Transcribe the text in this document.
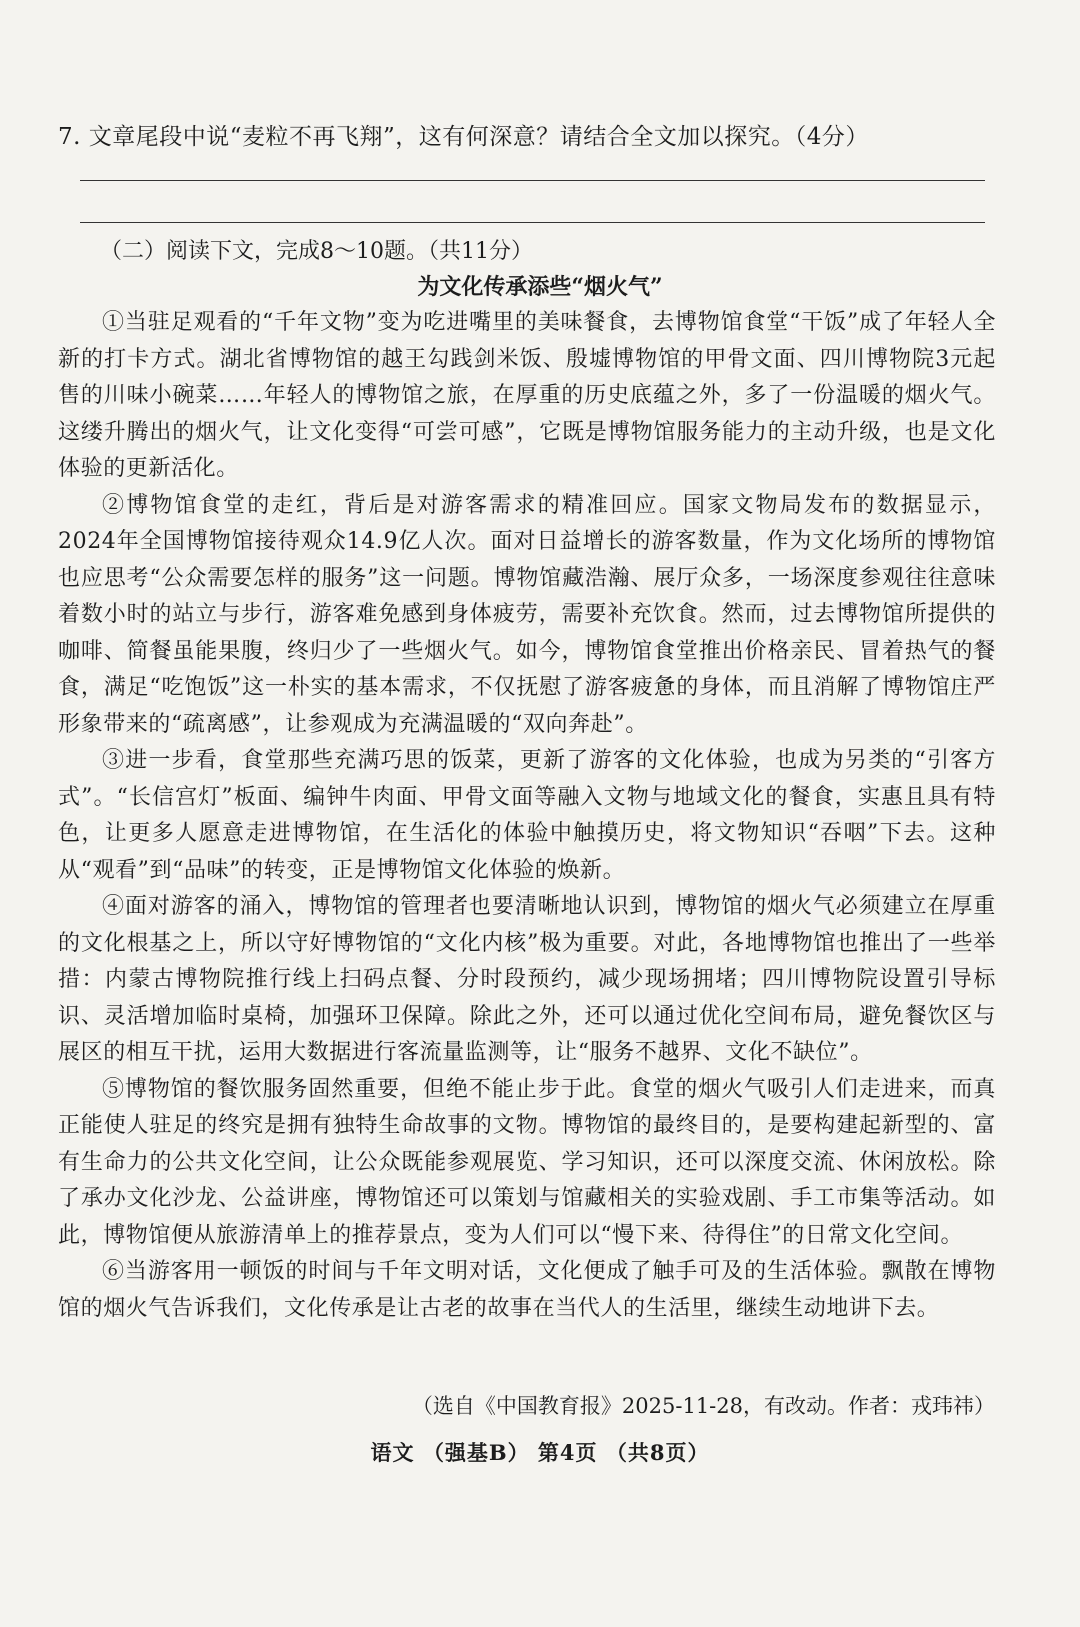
7. 文章尾段中说“麦粒不再飞翔”，这有何深意？请结合全文加以探究。（4分）
（二）阅读下文，完成8～10题。（共11分）
为文化传承添些“烟火气”

①当驻足观看的“千年文物”变为吃进嘴里的美味餐食，去博物馆食堂“干饭”成了年轻人全新的打卡方式。湖北省博物馆的越王勾践剑米饭、殷墟博物馆的甲骨文面、四川博物院3元起售的川味小碗菜……年轻人的博物馆之旅，在厚重的历史底蕴之外，多了一份温暖的烟火气。这缕升腾出的烟火气，让文化变得“可尝可感”，它既是博物馆服务能力的主动升级，也是文化体验的更新活化。

②博物馆食堂的走红，背后是对游客需求的精准回应。国家文物局发布的数据显示，2024年全国博物馆接待观众14.9亿人次。面对日益增长的游客数量，作为文化场所的博物馆也应思考“公众需要怎样的服务”这一问题。博物馆藏浩瀚、展厅众多，一场深度参观往往意味着数小时的站立与步行，游客难免感到身体疲劳，需要补充饮食。然而，过去博物馆所提供的咖啡、简餐虽能果腹，终归少了一些烟火气。如今，博物馆食堂推出价格亲民、冒着热气的餐食，满足“吃饱饭”这一朴实的基本需求，不仅抚慰了游客疲惫的身体，而且消解了博物馆庄严形象带来的“疏离感”，让参观成为充满温暖的“双向奔赴”。

③进一步看，食堂那些充满巧思的饭菜，更新了游客的文化体验，也成为另类的“引客方式”。“长信宫灯”板面、编钟牛肉面、甲骨文面等融入文物与地域文化的餐食，实惠且具有特色，让更多人愿意走进博物馆，在生活化的体验中触摸历史，将文物知识“吞咽”下去。这种从“观看”到“品味”的转变，正是博物馆文化体验的焕新。

④面对游客的涌入，博物馆的管理者也要清晰地认识到，博物馆的烟火气必须建立在厚重的文化根基之上，所以守好博物馆的“文化内核”极为重要。对此，各地博物馆也推出了一些举措：内蒙古博物院推行线上扫码点餐、分时段预约，减少现场拥堵；四川博物院设置引导标识、灵活增加临时桌椅，加强环卫保障。除此之外，还可以通过优化空间布局，避免餐饮区与展区的相互干扰，运用大数据进行客流量监测等，让“服务不越界、文化不缺位”。

⑤博物馆的餐饮服务固然重要，但绝不能止步于此。食堂的烟火气吸引人们走进来，而真正能使人驻足的终究是拥有独特生命故事的文物。博物馆的最终目的，是要构建起新型的、富有生命力的公共文化空间，让公众既能参观展览、学习知识，还可以深度交流、休闲放松。除了承办文化沙龙、公益讲座，博物馆还可以策划与馆藏相关的实验戏剧、手工市集等活动。如此，博物馆便从旅游清单上的推荐景点，变为人们可以“慢下来、待得住”的日常文化空间。

⑥当游客用一顿饭的时间与千年文明对话，文化便成了触手可及的生活体验。飘散在博物馆的烟火气告诉我们，文化传承是让古老的故事在当代人的生活里，继续生动地讲下去。

（选自《中国教育报》2025-11-28，有改动。作者：戎玮祎）
语文 （强基B） 第4页 （共8页）
